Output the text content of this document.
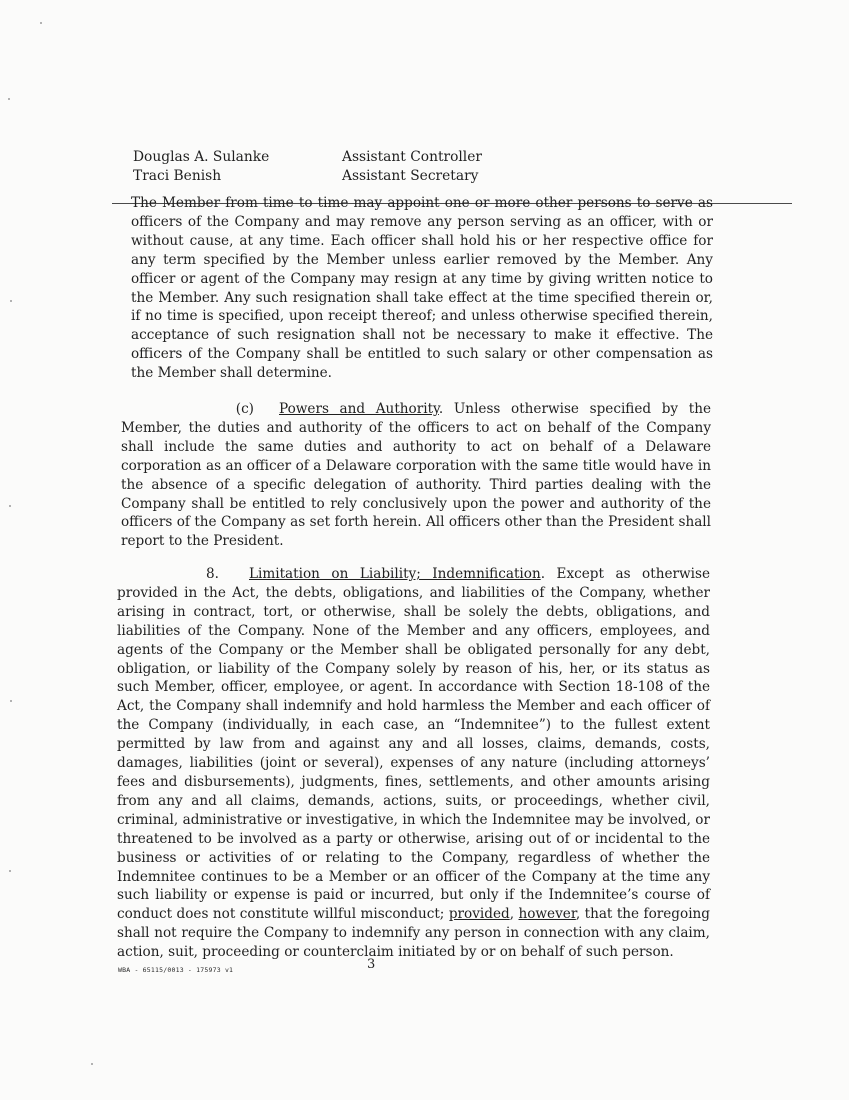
Douglas A. Sulanke	Assistant Controller
Traci Benish	Assistant Secretary

The Member from time to time may appoint one or more other persons to serve as officers of the Company and may remove any person serving as an officer, with or without cause, at any time. Each officer shall hold his or her respective office for any term specified by the Member unless earlier removed by the Member. Any officer or agent of the Company may resign at any time by giving written notice to the Member. Any such resignation shall take effect at the time specified therein or, if no time is specified, upon receipt thereof; and unless otherwise specified therein, acceptance of such resignation shall not be necessary to make it effective. The officers of the Company shall be entitled to such salary or other compensation as the Member shall determine.

(c) Powers and Authority. Unless otherwise specified by the Member, the duties and authority of the officers to act on behalf of the Company shall include the same duties and authority to act on behalf of a Delaware corporation as an officer of a Delaware corporation with the same title would have in the absence of a specific delegation of authority. Third parties dealing with the Company shall be entitled to rely conclusively upon the power and authority of the officers of the Company as set forth herein. All officers other than the President shall report to the President.

8. Limitation on Liability; Indemnification. Except as otherwise provided in the Act, the debts, obligations, and liabilities of the Company, whether arising in contract, tort, or otherwise, shall be solely the debts, obligations, and liabilities of the Company. None of the Member and any officers, employees, and agents of the Company or the Member shall be obligated personally for any debt, obligation, or liability of the Company solely by reason of his, her, or its status as such Member, officer, employee, or agent. In accordance with Section 18-108 of the Act, the Company shall indemnify and hold harmless the Member and each officer of the Company (individually, in each case, an “Indemnitee”) to the fullest extent permitted by law from and against any and all losses, claims, demands, costs, damages, liabilities (joint or several), expenses of any nature (including attorneys’ fees and disbursements), judgments, fines, settlements, and other amounts arising from any and all claims, demands, actions, suits, or proceedings, whether civil, criminal, administrative or investigative, in which the Indemnitee may be involved, or threatened to be involved as a party or otherwise, arising out of or incidental to the business or activities of or relating to the Company, regardless of whether the Indemnitee continues to be a Member or an officer of the Company at the time any such liability or expense is paid or incurred, but only if the Indemnitee’s course of conduct does not constitute willful misconduct; provided, however, that the foregoing shall not require the Company to indemnify any person in connection with any claim, action, suit, proceeding or counterclaim initiated by or on behalf of such person.

WBA - 65115/0013 - 175973 v1	3
